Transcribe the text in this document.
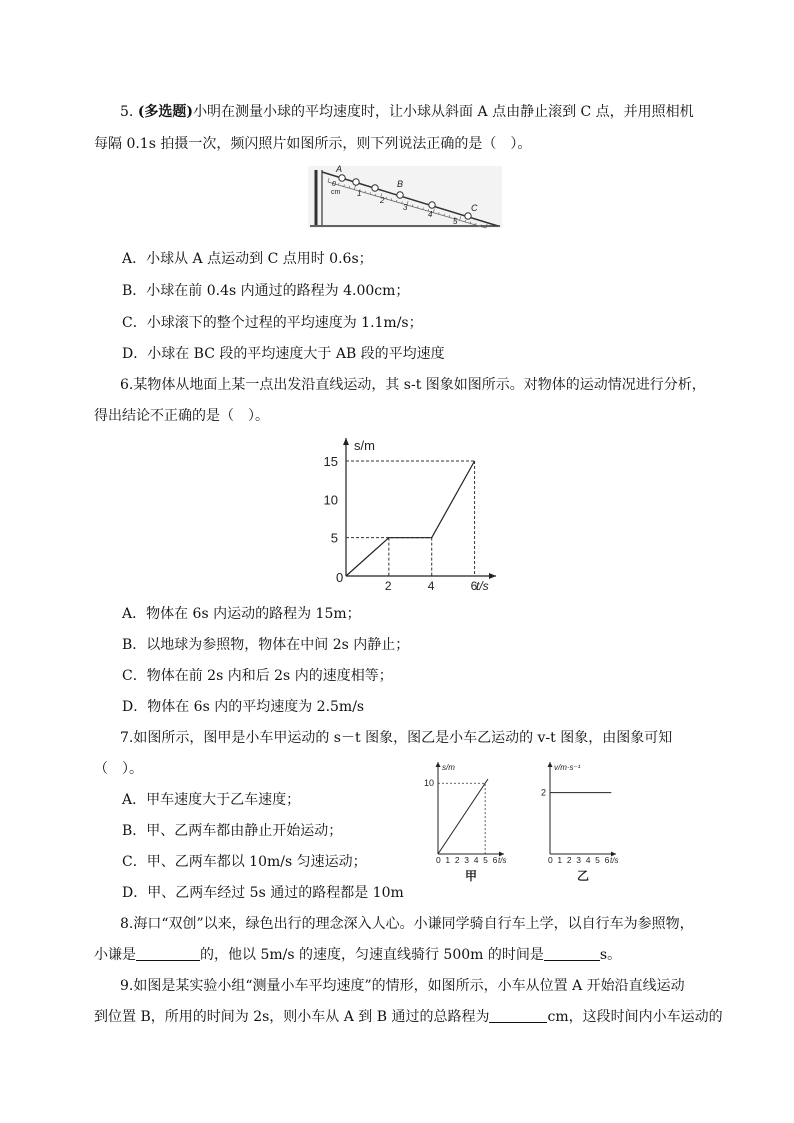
5. (多选题)小明在测量小球的平均速度时，让小球从斜面 A 点由静止滚到 C 点，并用照相机
每隔 0.1s 拍摄一次，频闪照片如图所示，则下列说法正确的是（　）。
A
B
C
cm
0
1
2
3
4
5
A．小球从 A 点运动到 C 点用时 0.6s；
B．小球在前 0.4s 内通过的路程为 4.00cm；
C．小球滚下的整个过程的平均速度为 1.1m/s；
D．小球在 BC 段的平均速度大于 AB 段的平均速度
6.某物体从地面上某一点出发沿直线运动，其 s-t 图象如图所示。对物体的运动情况进行分析，
得出结论不正确的是（　）。
s/m
t/s
0
2	4	6
5
10
15
A．物体在 6s 内运动的路程为 15m；
B．以地球为参照物，物体在中间 2s 内静止；
C．物体在前 2s 内和后 2s 内的速度相等；
D．物体在 6s 内的平均速度为 2.5m/s
7.如图所示，图甲是小车甲运动的 s－t 图象，图乙是小车乙运动的 v-t 图象，由图象可知
（　）。
A．甲车速度大于乙车速度；
B．甲、乙两车都由静止开始运动；
C．甲、乙两车都以 10m/s 匀速运动；
D．甲、乙两车经过 5s 通过的路程都是 10m
s/m
t/s
0 1 2 3 4 5 6
10
甲
v/m·s⁻¹
t/s
0 1 2 3 4 5 6
2
乙
8.海口“双创”以来，绿色出行的理念深入人心。小谦同学骑自行车上学，以自行车为参照物，
小谦是	的，他以 5m/s 的速度，匀速直线骑行 500m 的时间是	s。
9.如图是某实验小组“测量小车平均速度”的情形，如图所示，小车从位置 A 开始沿直线运动
到位置 B，所用的时间为 2s，则小车从 A 到 B 通过的总路程为	cm，这段时间内小车运动的
